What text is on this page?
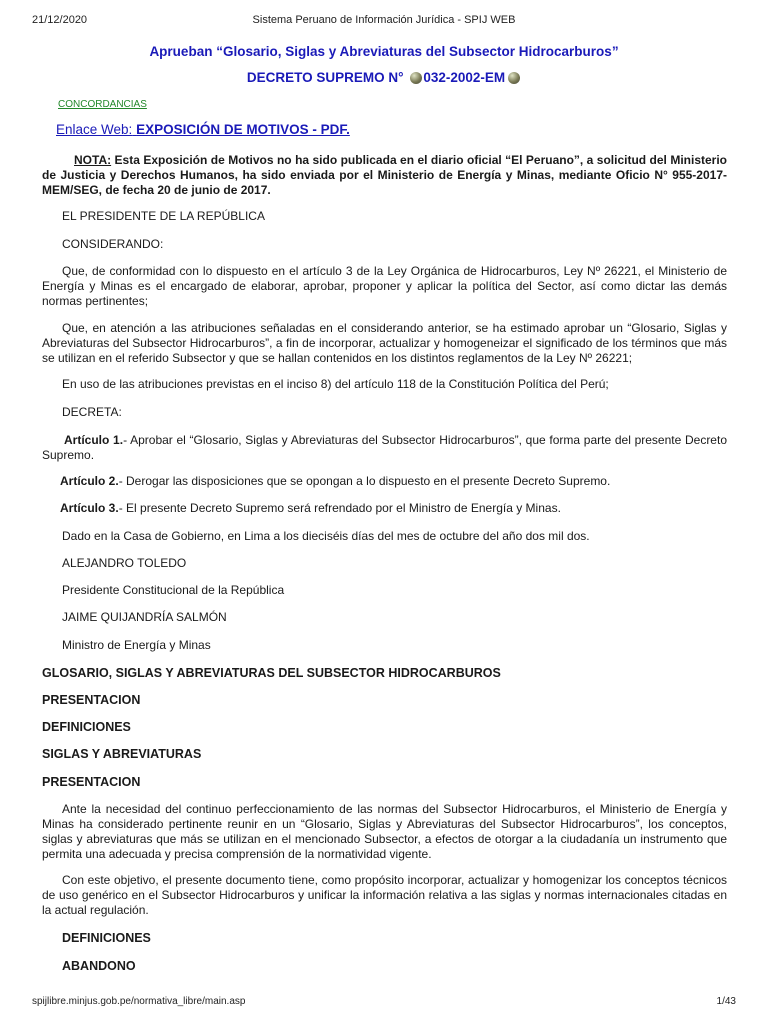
21/12/2020	Sistema Peruano de Información Jurídica - SPIJ WEB
Aprueban “Glosario, Siglas y Abreviaturas del Subsector Hidrocarburos”
DECRETO SUPREMO N° 032-2002-EM
CONCORDANCIAS
Enlace Web: EXPOSICIÓN DE MOTIVOS - PDF.
NOTA: Esta Exposición de Motivos no ha sido publicada en el diario oficial “El Peruano”, a solicitud del Ministerio de Justicia y Derechos Humanos, ha sido enviada por el Ministerio de Energía y Minas, mediante Oficio N° 955-2017-MEM/SEG, de fecha 20 de junio de 2017.
EL PRESIDENTE DE LA REPÚBLICA
CONSIDERANDO:
Que, de conformidad con lo dispuesto en el artículo 3 de la Ley Orgánica de Hidrocarburos, Ley Nº 26221, el Ministerio de Energía y Minas es el encargado de elaborar, aprobar, proponer y aplicar la política del Sector, así como dictar las demás normas pertinentes;
Que, en atención a las atribuciones señaladas en el considerando anterior, se ha estimado aprobar un “Glosario, Siglas y Abreviaturas del Subsector Hidrocarburos”, a fin de incorporar, actualizar y homogeneizar el significado de los términos que más se utilizan en el referido Subsector y que se hallan contenidos en los distintos reglamentos de la Ley Nº 26221;
En uso de las atribuciones previstas en el inciso 8) del artículo 118 de la Constitución Política del Perú;
DECRETA:
Artículo 1.- Aprobar el “Glosario, Siglas y Abreviaturas del Subsector Hidrocarburos”, que forma parte del presente Decreto Supremo.
Artículo 2.- Derogar las disposiciones que se opongan a lo dispuesto en el presente Decreto Supremo.
Artículo 3.- El presente Decreto Supremo será refrendado por el Ministro de Energía y Minas.
Dado en la Casa de Gobierno, en Lima a los dieciséis días del mes de octubre del año dos mil dos.
ALEJANDRO TOLEDO
Presidente Constitucional de la República
JAIME QUIJANDRÍA SALMÓN
Ministro de Energía y Minas
GLOSARIO, SIGLAS Y ABREVIATURAS DEL SUBSECTOR HIDROCARBUROS
PRESENTACION
DEFINICIONES
SIGLAS Y ABREVIATURAS
PRESENTACION
Ante la necesidad del continuo perfeccionamiento de las normas del Subsector Hidrocarburos, el Ministerio de Energía y Minas ha considerado pertinente reunir en un “Glosario, Siglas y Abreviaturas del Subsector Hidrocarburos”, los conceptos, siglas y abreviaturas que más se utilizan en el mencionado Subsector, a efectos de otorgar a la ciudadanía un instrumento que permita una adecuada y precisa comprensión de la normatividad vigente.
Con este objetivo, el presente documento tiene, como propósito incorporar, actualizar y homogenizar los conceptos técnicos de uso genérico en el Subsector Hidrocarburos y unificar la información relativa a las siglas y normas internacionales citadas en la actual regulación.
DEFINICIONES
ABANDONO
spijlibre.minjus.gob.pe/normativa_libre/main.asp	1/43
